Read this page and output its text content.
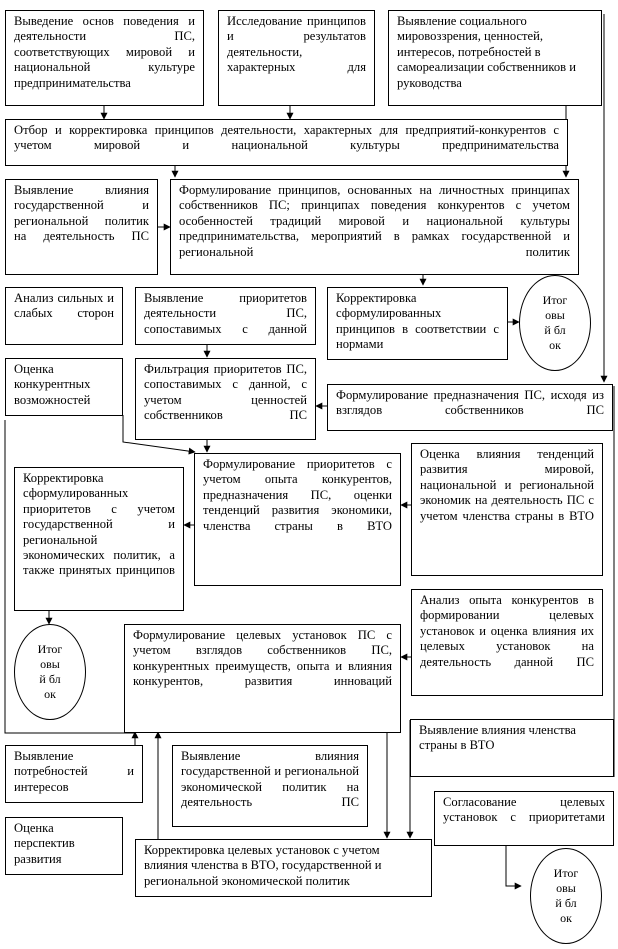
Выведение основ поведения и деятельности ПС, соответствующих мировой и национальной культуре предпринимательства
Исследование принципов и результатов деятельности, характерных для
Выявление социального мировоззрения, ценностей, интересов, потребностей в самореализации собственников и руководства
Отбор и корректировка принципов деятельности, характерных для предприятий-конкурентов с учетом мировой и национальной культуры предпринимательства
Выявление влияния государственной и региональной политик на деятельность ПС
Формулирование принципов, основанных на личностных принципах собственников ПС; принципах поведения конкурентов с учетом особенностей традиций мировой и национальной культуры предпринимательства, мероприятий в рамках государственной и региональной политик
Анализ сильных и слабых сторон
Выявление приоритетов деятельности ПС, сопоставимых с данной
Корректировка сформулированных принципов в соответствии с нормами
Итоговый блок
Оценка конкурентных возможностей
Фильтрация приоритетов ПС, сопоставимых с данной, с учетом ценностей собственников ПС
Формулирование предназначения ПС, исходя из взглядов собственников ПС
Корректировка сформулированных приоритетов с учетом государственной и региональной экономических политик, а также принятых принципов
Формулирование приоритетов с учетом опыта конкурентов, предназначения ПС, оценки тенденций развития экономики, членства страны в ВТО
Оценка влияния тенденций развития мировой, национальной и региональной экономик на деятельность ПС с учетом членства страны в ВТО
Итоговый блок
Формулирование целевых установок ПС с учетом взглядов собственников ПС, конкурентных преимуществ, опыта и влияния конкурентов, развития инноваций
Анализ опыта конкурентов в формировании целевых установок и оценка влияния их целевых установок на деятельность данной ПС
Выявление влияния членства страны в ВТО
Выявление потребностей и интересов
Выявление влияния государственной и региональной экономической политик на деятельность ПС	Согласование целевых установок с приоритетами
Оценка перспектив развития
Корректировка целевых установок с учетом влияния членства в ВТО, государственной и региональной экономической политик
Итоговый блок
